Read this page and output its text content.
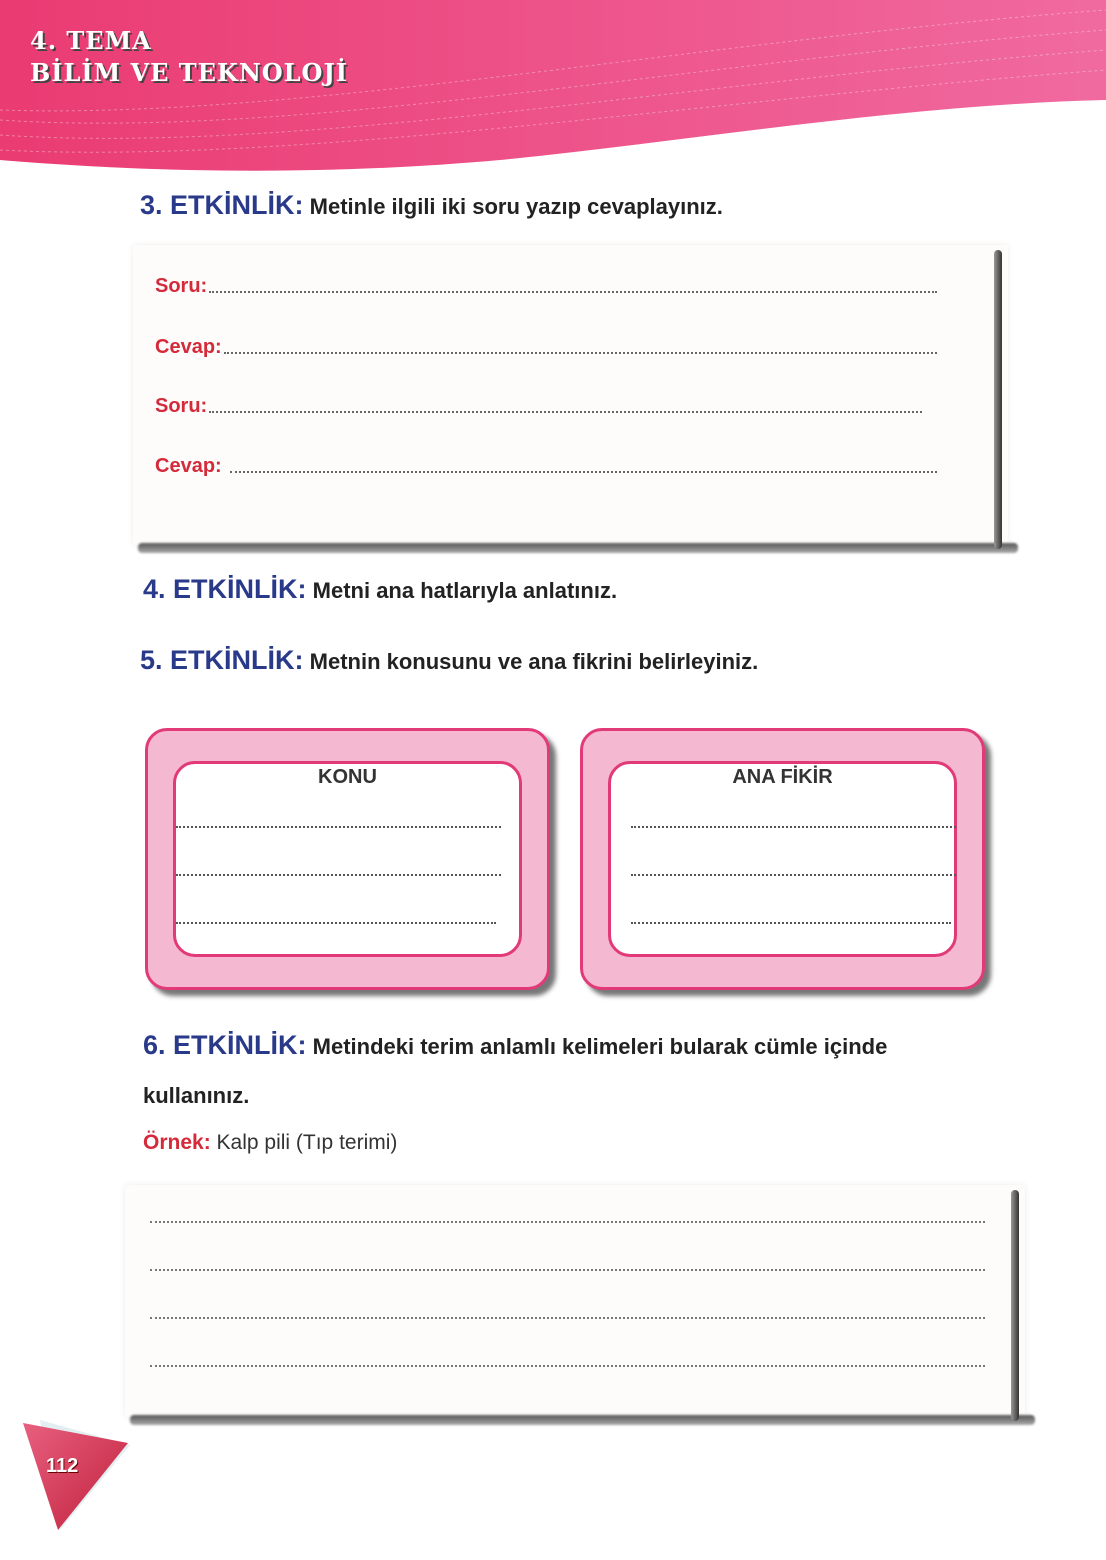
4. TEMA
BİLİM VE TEKNOLOJİ
3. ETKİNLİK: Metinle ilgili iki soru yazıp cevaplayınız.
Soru:
Cevap:
Soru:
Cevap:
4. ETKİNLİK: Metni ana hatlarıyla anlatınız.
5. ETKİNLİK: Metnin konusunu ve ana fikrini belirleyiniz.
KONU	ANA FİKİR
6. ETKİNLİK: Metindeki terim anlamlı kelimeleri bularak cümle içinde
kullanınız.
Örnek: Kalp pili (Tıp terimi)
112
